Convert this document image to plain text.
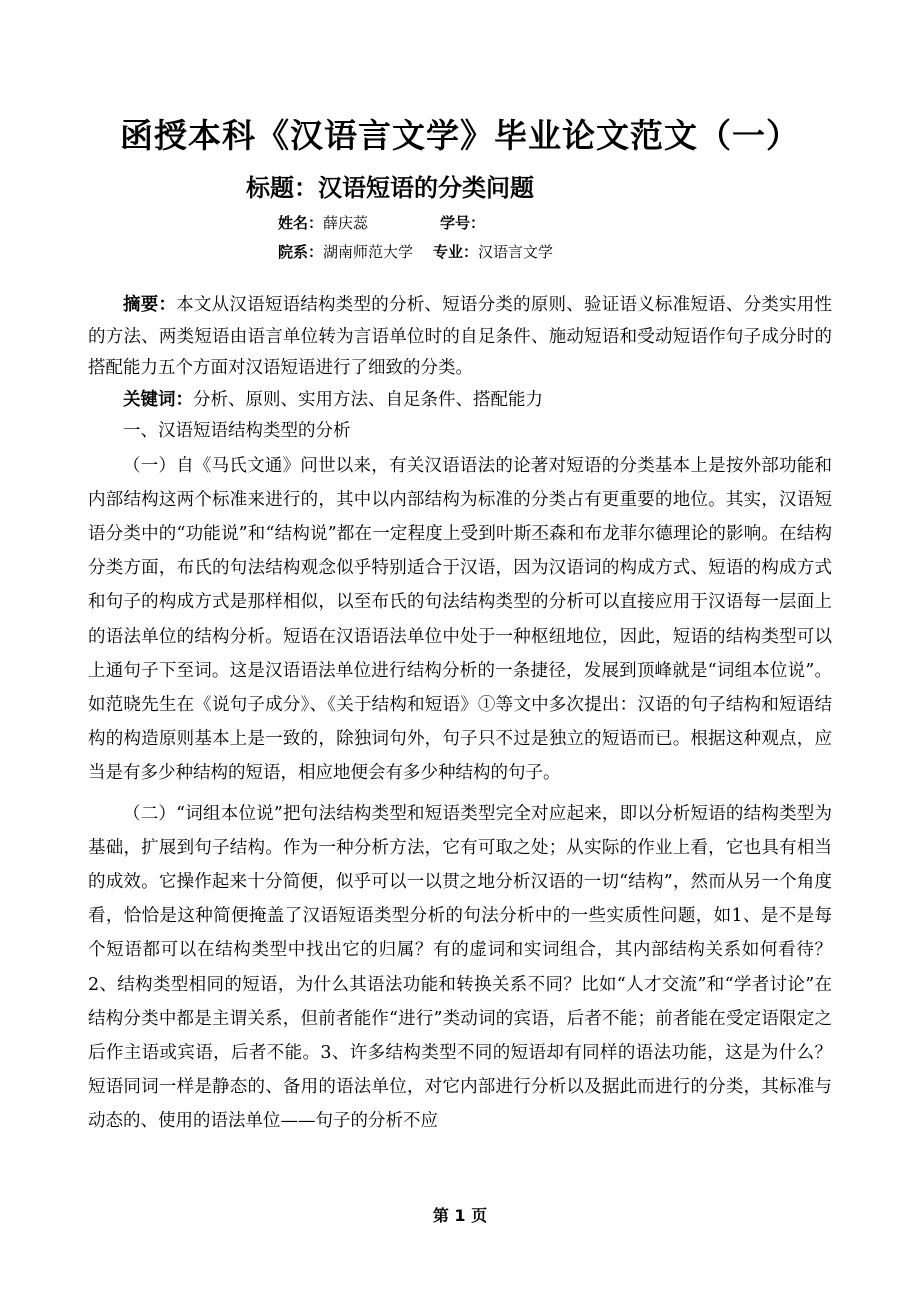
函授本科《汉语言文学》毕业论文范文（一）
标题：汉语短语的分类问题
姓名：薛庆蕊	学号：
院系：湖南师范大学 专业：汉语言文学

摘要：本文从汉语短语结构类型的分析、短语分类的原则、验证语义标准短语、分类实用性的方法、两类短语由语言单位转为言语单位时的自足条件、施动短语和受动短语作句子成分时的搭配能力五个方面对汉语短语进行了细致的分类。

关键词：分析、原则、实用方法、自足条件、搭配能力

一、汉语短语结构类型的分析

（一）自《马氏文通》问世以来，有关汉语语法的论著对短语的分类基本上是按外部功能和内部结构这两个标准来进行的，其中以内部结构为标准的分类占有更重要的地位。其实，汉语短语分类中的“功能说”和“结构说”都在一定程度上受到叶斯丕森和布龙菲尔德理论的影响。在结构分类方面，布氏的句法结构观念似乎特别适合于汉语，因为汉语词的构成方式、短语的构成方式和句子的构成方式是那样相似，以至布氏的句法结构类型的分析可以直接应用于汉语每一层面上的语法单位的结构分析。短语在汉语语法单位中处于一种枢纽地位，因此，短语的结构类型可以上通句子下至词。这是汉语语法单位进行结构分析的一条捷径，发展到顶峰就是“词组本位说”。如范晓先生在《说句子成分》、《关于结构和短语》①等文中多次提出：汉语的句子结构和短语结构的构造原则基本上是一致的，除独词句外，句子只不过是独立的短语而已。根据这种观点，应当是有多少种结构的短语，相应地便会有多少种结构的句子。

（二）“词组本位说”把句法结构类型和短语类型完全对应起来，即以分析短语的结构类型为基础，扩展到句子结构。作为一种分析方法，它有可取之处；从实际的作业上看，它也具有相当的成效。它操作起来十分简便，似乎可以一以贯之地分析汉语的一切“结构”，然而从另一个角度看，恰恰是这种简便掩盖了汉语短语类型分析的句法分析中的一些实质性问题，如1、是不是每个短语都可以在结构类型中找出它的归属？有的虚词和实词组合，其内部结构关系如何看待？2、结构类型相同的短语，为什么其语法功能和转换关系不同？比如“人才交流”和“学者讨论”在结构分类中都是主谓关系，但前者能作“进行”类动词的宾语，后者不能；前者能在受定语限定之后作主语或宾语，后者不能。3、许多结构类型不同的短语却有同样的语法功能，这是为什么？短语同词一样是静态的、备用的语法单位，对它内部进行分析以及据此而进行的分类，其标准与动态的、使用的语法单位——句子的分析不应

第 1 页
